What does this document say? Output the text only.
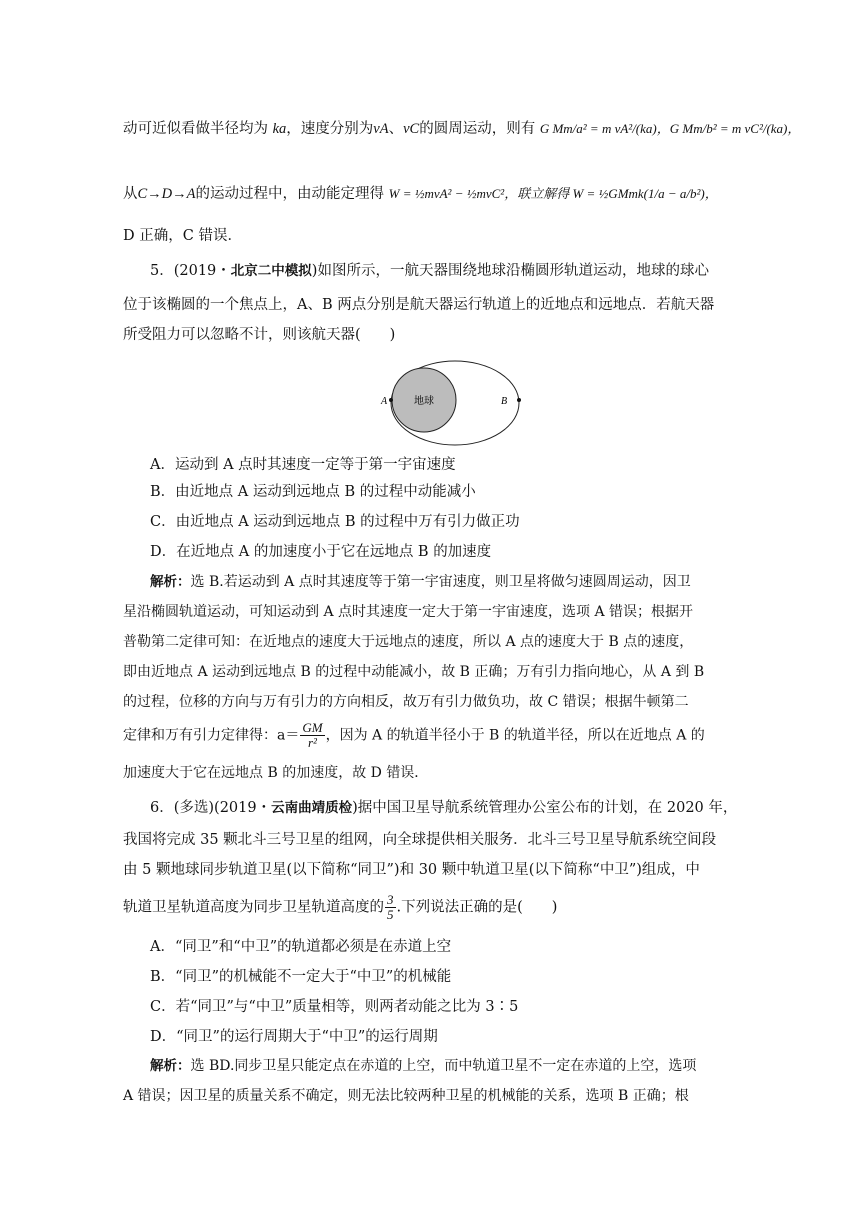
动可近似看做半径均为 ka，速度分别为vA、vC的圆周运动，则有 G Mm/a² = m vA²/(ka)，G Mm/b² = m vC²/(ka)，
从C→D→A的运动过程中，由动能定理得 W = ½mvA² − ½mvC²，联立解得 W = ½GMmk(1/a − a/b²)，
D 正确，C 错误．
5．(2019・北京二中模拟)如图所示，一航天器围绕地球沿椭圆形轨道运动，地球的球心
位于该椭圆的一个焦点上，A、B 两点分别是航天器运行轨道上的近地点和远地点．若航天器
所受阻力可以忽略不计，则该航天器(　　)
地球
A	B
A．运动到 A 点时其速度一定等于第一宇宙速度
B．由近地点 A 运动到远地点 B 的过程中动能减小
C．由近地点 A 运动到远地点 B 的过程中万有引力做正功
D．在近地点 A 的加速度小于它在远地点 B 的加速度
解析：选 B.若运动到 A 点时其速度等于第一宇宙速度，则卫星将做匀速圆周运动，因卫
星沿椭圆轨道运动，可知运动到 A 点时其速度一定大于第一宇宙速度，选项 A 错误；根据开
普勒第二定律可知：在近地点的速度大于远地点的速度，所以 A 点的速度大于 B 点的速度，
即由近地点 A 运动到远地点 B 的过程中动能减小，故 B 正确；万有引力指向地心，从 A 到 B
的过程，位移的方向与万有引力的方向相反，故万有引力做负功，故 C 错误；根据牛顿第二
定律和万有引力定律得：$a= \frac{GM}{\text{r²}}$ ，因为 A 的轨道半径小于 B 的轨道半径，所以在近地点 A 的
加速度大于它在远地点 B 的加速度，故 D 错误．
6．(多选)(2019・云南曲靖质检)据中国卫星导航系统管理办公室公布的计划，在 2020 年，
我国将完成 35 颗北斗三号卫星的组网，向全球提供相关服务．北斗三号卫星导航系统空间段
由 5 颗地球同步轨道卫星(以下简称“同卫”)和 30 颗中轨道卫星(以下简称“中卫”)组成，中
轨道卫星轨道高度为同步卫星轨道高度的 $\frac{3}{5}$ .下列说法正确的是(　　)
A．“同卫”和“中卫”的轨道都必须是在赤道上空
B．“同卫”的机械能不一定大于“中卫”的机械能
C．若“同卫”与“中卫”质量相等，则两者动能之比为 3∶5
D．“同卫”的运行周期大于“中卫”的运行周期
解析：选 BD.同步卫星只能定点在赤道的上空，而中轨道卫星不一定在赤道的上空，选项
A 错误；因卫星的质量关系不确定，则无法比较两种卫星的机械能的关系，选项 B 正确；根
